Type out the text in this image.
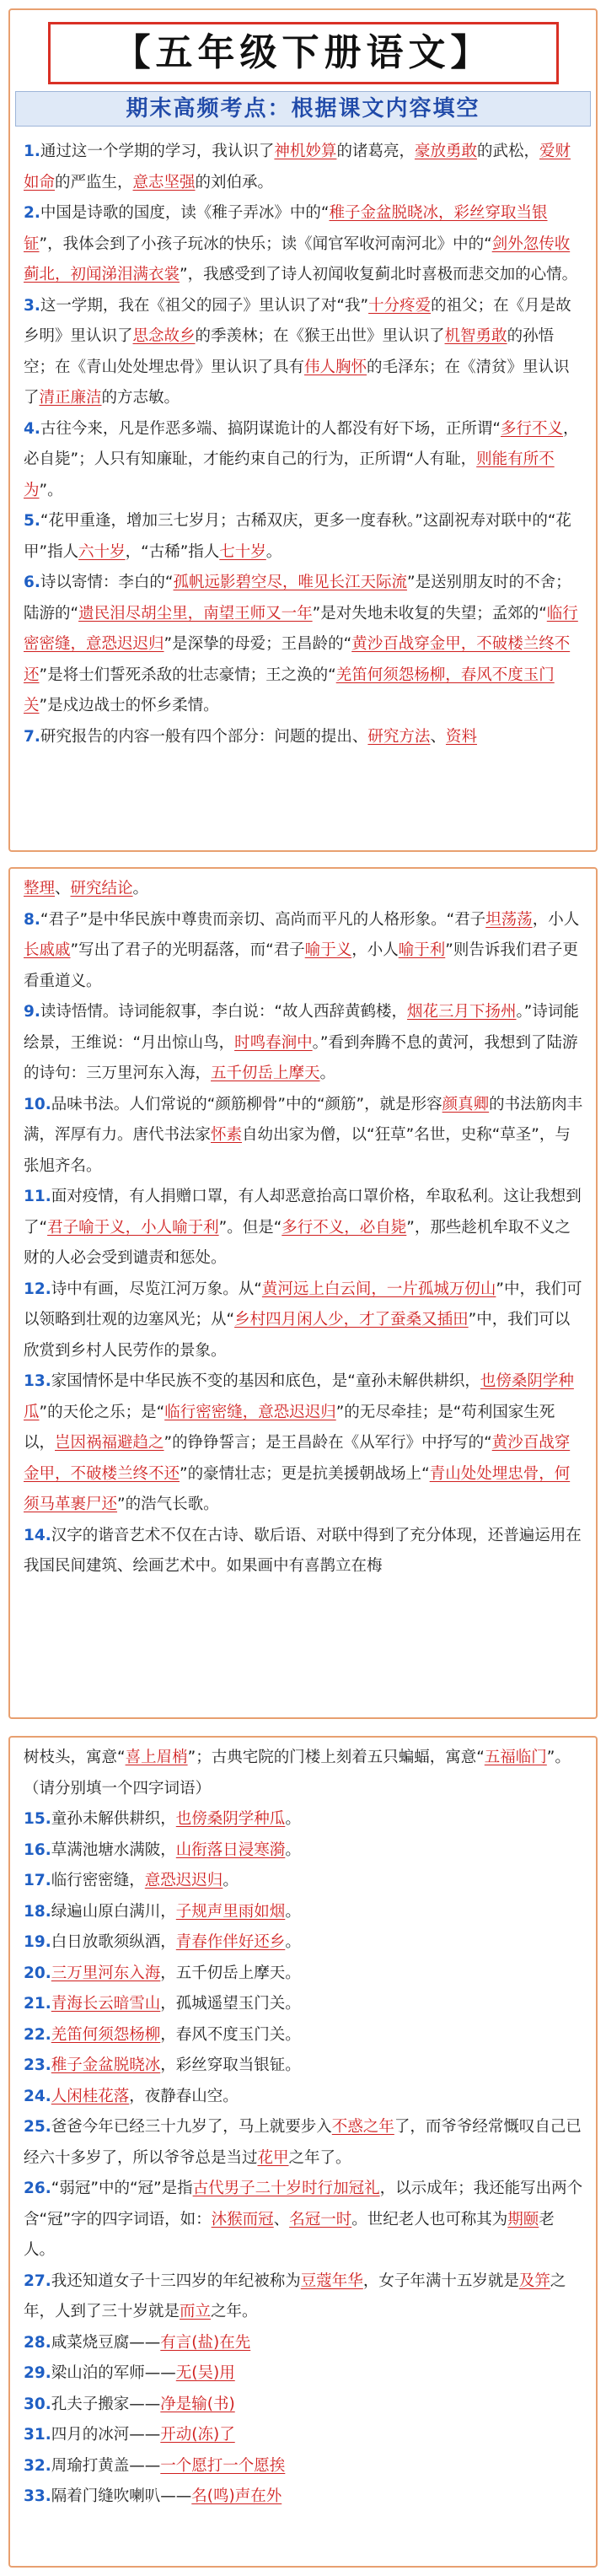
【五年级下册语文】
期末高频考点：根据课文内容填空

1.通过这一个学期的学习，我认识了神机妙算的诸葛亮，豪放勇敢的武松，爱财如命的严监生，意志坚强的刘伯承。

2.中国是诗歌的国度，读《稚子弄冰》中的“稚子金盆脱晓冰，彩丝穿取当银钲”，我体会到了小孩子玩冰的快乐；读《闻官军收河南河北》中的“剑外忽传收蓟北，初闻涕泪满衣裳”，我感受到了诗人初闻收复蓟北时喜极而悲交加的心情。

3.这一学期，我在《祖父的园子》里认识了对“我”十分疼爱的祖父；在《月是故乡明》里认识了思念故乡的季羡林；在《猴王出世》里认识了机智勇敢的孙悟空；在《青山处处埋忠骨》里认识了具有伟人胸怀的毛泽东；在《清贫》里认识了清正廉洁的方志敏。

4.古往今来，凡是作恶多端、搞阴谋诡计的人都没有好下场，正所谓“多行不义，必自毙”；人只有知廉耻，才能约束自己的行为，正所谓“人有耻，则能有所不为”。

5.“花甲重逢，增加三七岁月；古稀双庆，更多一度春秋。”这副祝寿对联中的“花甲”指人六十岁，“古稀”指人七十岁。

6.诗以寄情：李白的“孤帆远影碧空尽，唯见长江天际流”是送别朋友时的不舍；陆游的“遗民泪尽胡尘里，南望王师又一年”是对失地未收复的失望；孟郊的“临行密密缝，意恐迟迟归”是深挚的母爱；王昌龄的“黄沙百战穿金甲，不破楼兰终不还”是将士们誓死杀敌的壮志豪情；王之涣的“羌笛何须怨杨柳，春风不度玉门关”是戍边战士的怀乡柔情。

7.研究报告的内容一般有四个部分：问题的提出、研究方法、资料

整理、研究结论。

8.“君子”是中华民族中尊贵而亲切、高尚而平凡的人格形象。“君子坦荡荡，小人长戚戚”写出了君子的光明磊落，而“君子喻于义，小人喻于利”则告诉我们君子更看重道义。

9.读诗悟情。诗词能叙事，李白说：“故人西辞黄鹤楼，烟花三月下扬州。”诗词能绘景，王维说：“月出惊山鸟，时鸣春涧中。”看到奔腾不息的黄河，我想到了陆游的诗句：三万里河东入海，五千仞岳上摩天。

10.品味书法。人们常说的“颜筋柳骨”中的“颜筋”，就是形容颜真卿的书法筋肉丰满，浑厚有力。唐代书法家怀素自幼出家为僧，以“狂草”名世，史称“草圣”，与张旭齐名。

11.面对疫情，有人捐赠口罩，有人却恶意抬高口罩价格，牟取私利。这让我想到了“君子喻于义，小人喻于利”。但是“多行不义，必自毙”，那些趁机牟取不义之财的人必会受到谴责和惩处。

12.诗中有画，尽览江河万象。从“黄河远上白云间，一片孤城万仞山”中，我们可以领略到壮观的边塞风光；从“乡村四月闲人少，才了蚕桑又插田”中，我们可以欣赏到乡村人民劳作的景象。

13.家国情怀是中华民族不变的基因和底色，是“童孙未解供耕织，也傍桑阴学种瓜”的天伦之乐；是“临行密密缝，意恐迟迟归”的无尽牵挂；是“苟利国家生死以，岂因祸福避趋之”的铮铮誓言；是王昌龄在《从军行》中抒写的“黄沙百战穿金甲，不破楼兰终不还”的豪情壮志；更是抗美援朝战场上“青山处处埋忠骨，何须马革裹尸还”的浩气长歌。

14.汉字的谐音艺术不仅在古诗、歇后语、对联中得到了充分体现，还普遍运用在我国民间建筑、绘画艺术中。如果画中有喜鹊立在梅

树枝头，寓意“喜上眉梢”；古典宅院的门楼上刻着五只蝙蝠，寓意“五福临门”。（请分别填一个四字词语）

15.童孙未解供耕织，也傍桑阴学种瓜。

16.草满池塘水满陂，山衔落日浸寒漪。

17.临行密密缝，意恐迟迟归。

18.绿遍山原白满川，子规声里雨如烟。

19.白日放歌须纵酒，青春作伴好还乡。

20.三万里河东入海，五千仞岳上摩天。

21.青海长云暗雪山，孤城遥望玉门关。

22.羌笛何须怨杨柳，春风不度玉门关。

23.稚子金盆脱晓冰，彩丝穿取当银钲。

24.人闲桂花落，夜静春山空。

25.爸爸今年已经三十九岁了，马上就要步入不惑之年了，而爷爷经常慨叹自己已经六十多岁了，所以爷爷总是当过花甲之年了。

26.“弱冠”中的“冠”是指古代男子二十岁时行加冠礼，以示成年；我还能写出两个含“冠”字的四字词语，如：沐猴而冠、名冠一时。世纪老人也可称其为期颐老人。

27.我还知道女子十三四岁的年纪被称为豆蔻年华，女子年满十五岁就是及笄之年，人到了三十岁就是而立之年。

28.咸菜烧豆腐——有言(盐)在先

29.梁山泊的军师——无(吴)用

30.孔夫子搬家——净是输(书)

31.四月的冰河——开动(冻)了

32.周瑜打黄盖——一个愿打一个愿挨

33.隔着门缝吹喇叭——名(鸣)声在外
